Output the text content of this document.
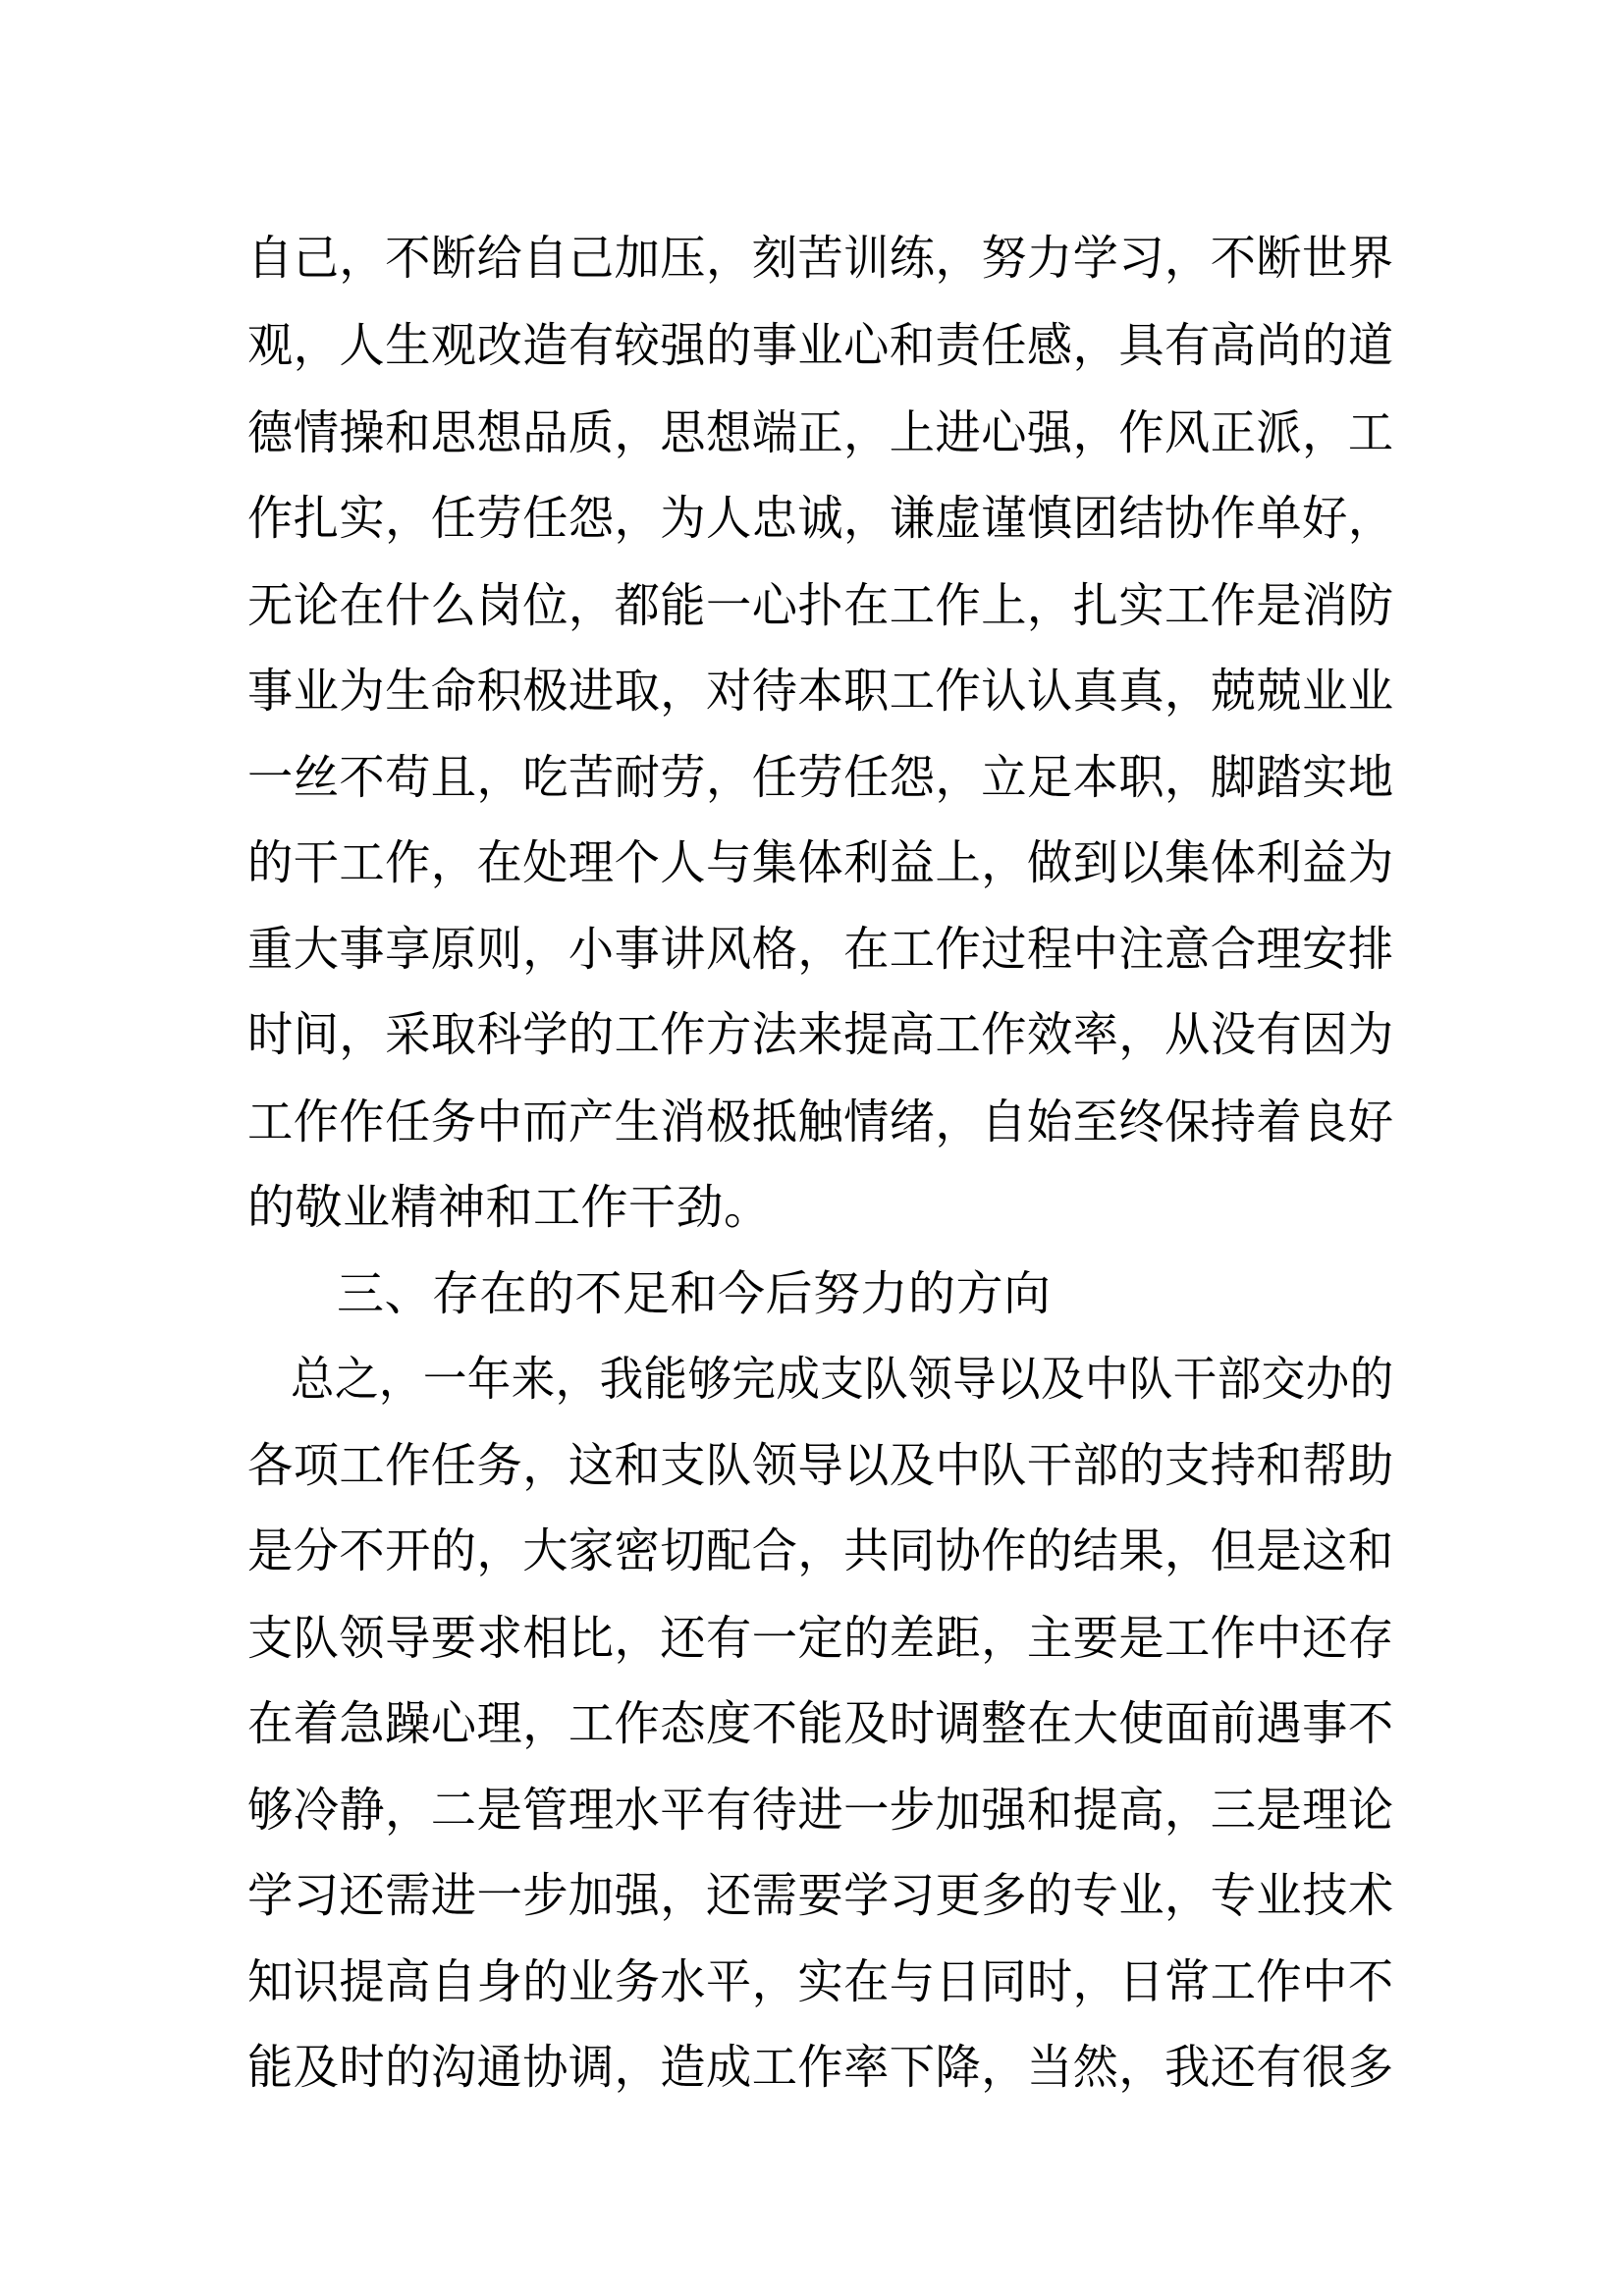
自己，不断给自己加压，刻苦训练，努力学习，不断世界
观，人生观改造有较强的事业心和责任感，具有高尚的道
德情操和思想品质，思想端正，上进心强，作风正派，工
作扎实，任劳任怨，为人忠诚，谦虚谨慎团结协作单好，
无论在什么岗位，都能一心扑在工作上，扎实工作是消防
事业为生命积极进取，对待本职工作认认真真，兢兢业业
一丝不苟且，吃苦耐劳，任劳任怨，立足本职，脚踏实地
的干工作，在处理个人与集体利益上，做到以集体利益为
重大事享原则，小事讲风格，在工作过程中注意合理安排
时间，采取科学的工作方法来提高工作效率，从没有因为
工作作任务中而产生消极抵触情绪，自始至终保持着良好
的敬业精神和工作干劲。
三、存在的不足和今后努力的方向
总之，一年来，我能够完成支队领导以及中队干部交办的
各项工作任务，这和支队领导以及中队干部的支持和帮助
是分不开的，大家密切配合，共同协作的结果，但是这和
支队领导要求相比，还有一定的差距，主要是工作中还存
在着急躁心理，工作态度不能及时调整在大使面前遇事不
够冷静，二是管理水平有待进一步加强和提高，三是理论
学习还需进一步加强，还需要学习更多的专业，专业技术
知识提高自身的业务水平，实在与日同时，日常工作中不
能及时的沟通协调，造成工作率下降，当然，我还有很多
